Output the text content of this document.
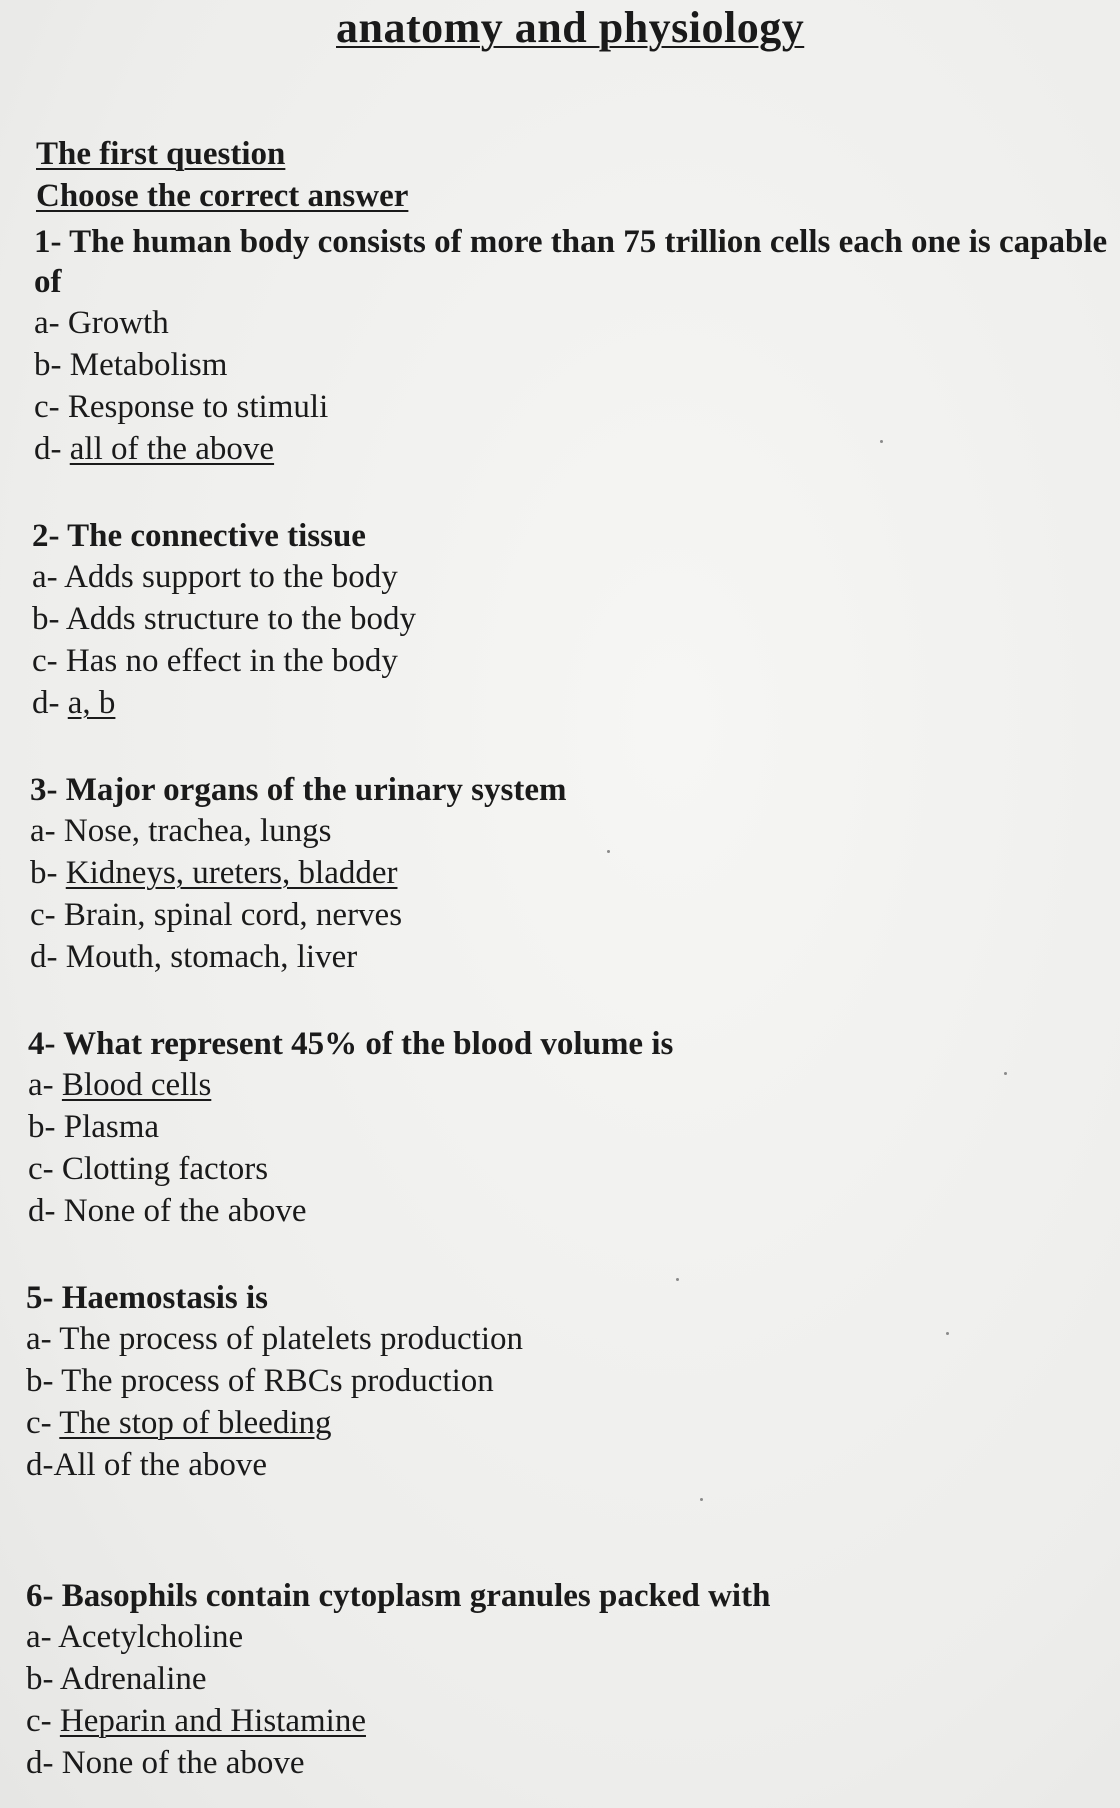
anatomy and physiology
The first question
Choose the correct answer

1- The human body consists of more than 75 trillion cells each one is capable of

a- Growth

b- Metabolism

c- Response to stimuli

d- all of the above

2- The connective tissue

a- Adds support to the body

b- Adds structure to the body

c- Has no effect in the body

d- a, b

3- Major organs of the urinary system

a- Nose, trachea, lungs

b- Kidneys, ureters, bladder

c- Brain, spinal cord, nerves

d- Mouth, stomach, liver

4- What represent 45% of the blood volume is

a- Blood cells

b- Plasma

c- Clotting factors

d- None of the above

5- Haemostasis is

a- The process of platelets production

b- The process of RBCs production

c- The stop of bleeding

d-All of the above

6- Basophils contain cytoplasm granules packed with

a- Acetylcholine

b- Adrenaline

c- Heparin and Histamine

d- None of the above
